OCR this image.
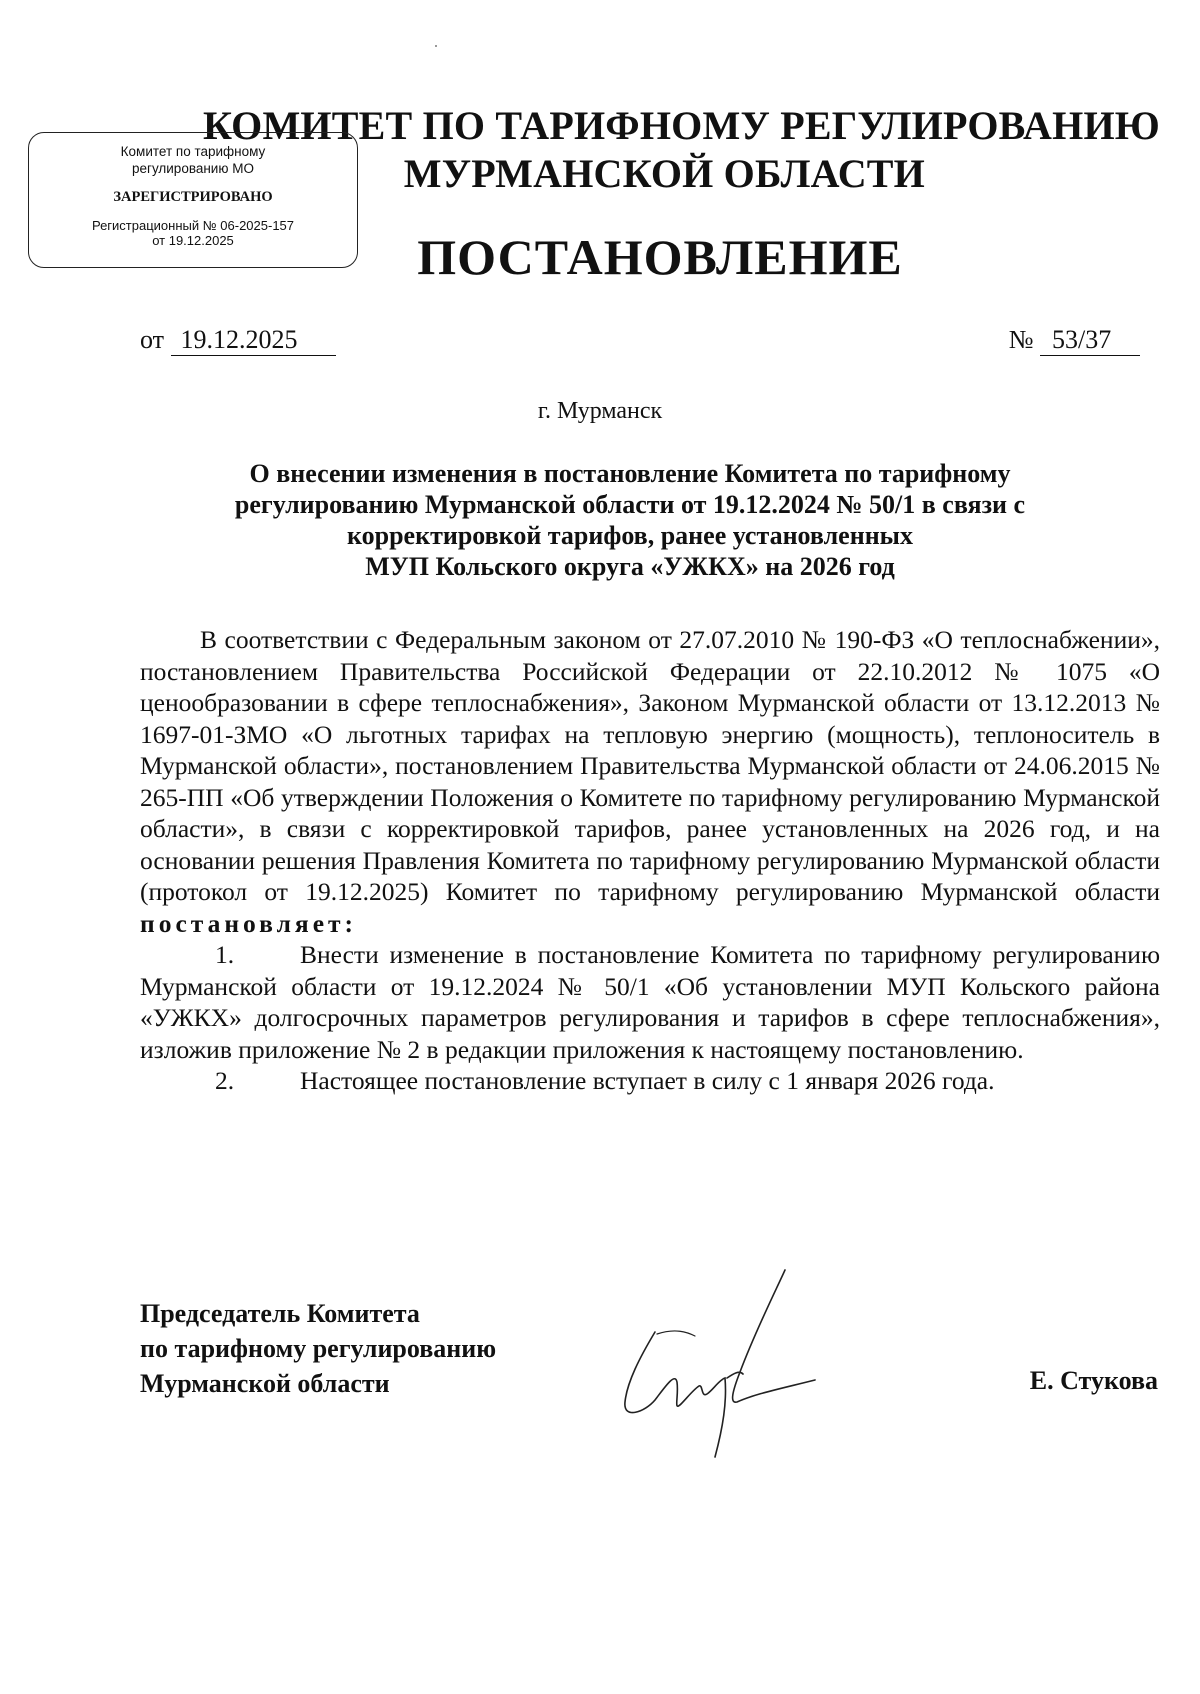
КОМИТЕТ ПО ТАРИФНОМУ РЕГУЛИРОВАНИЮ
МУРМАНСКОЙ ОБЛАСТИ
Комитет по тарифному регулированию МО
ЗАРЕГИСТРИРОВАНО
Регистрационный № 06-2025-157
от 19.12.2025	ПОСТАНОВЛЕНИЕ
от 19.12.2025	№ 53/37
г. Мурманск
О внесении изменения в постановление Комитета по тарифному
регулированию Мурманской области от 19.12.2024 № 50/1 в связи с
корректировкой тарифов, ранее установленных
МУП Кольского округа «УЖКХ» на 2026 год

В соответствии с Федеральным законом от 27.07.2010 № 190-ФЗ «О теплоснабжении», постановлением Правительства Российской Федерации от 22.10.2012 № 1075 «О ценообразовании в сфере теплоснабжения», Законом Мурманской области от 13.12.2013 № 1697-01-ЗМО «О льготных тарифах на тепловую энергию (мощность), теплоноситель в Мурманской области», постановлением Правительства Мурманской области от 24.06.2015 № 265-ПП «Об утверждении Положения о Комитете по тарифному регулированию Мурманской области», в связи с корректировкой тарифов, ранее установленных на 2026 год, и на основании решения Правления Комитета по тарифному регулированию Мурманской области (протокол от 19.12.2025) Комитет по тарифному регулированию Мурманской области постановляет:

1.	Внести изменение в постановление Комитета по тарифному регулированию Мурманской области от 19.12.2024 № 50/1 «Об установлении МУП Кольского района «УЖКХ» долгосрочных параметров регулирования и тарифов в сфере теплоснабжения», изложив приложение № 2 в редакции приложения к настоящему постановлению.

2.	Настоящее постановление вступает в силу с 1 января 2026 года.

Председатель Комитета
по тарифному регулированию
Мурманской области	Е. Стукова
